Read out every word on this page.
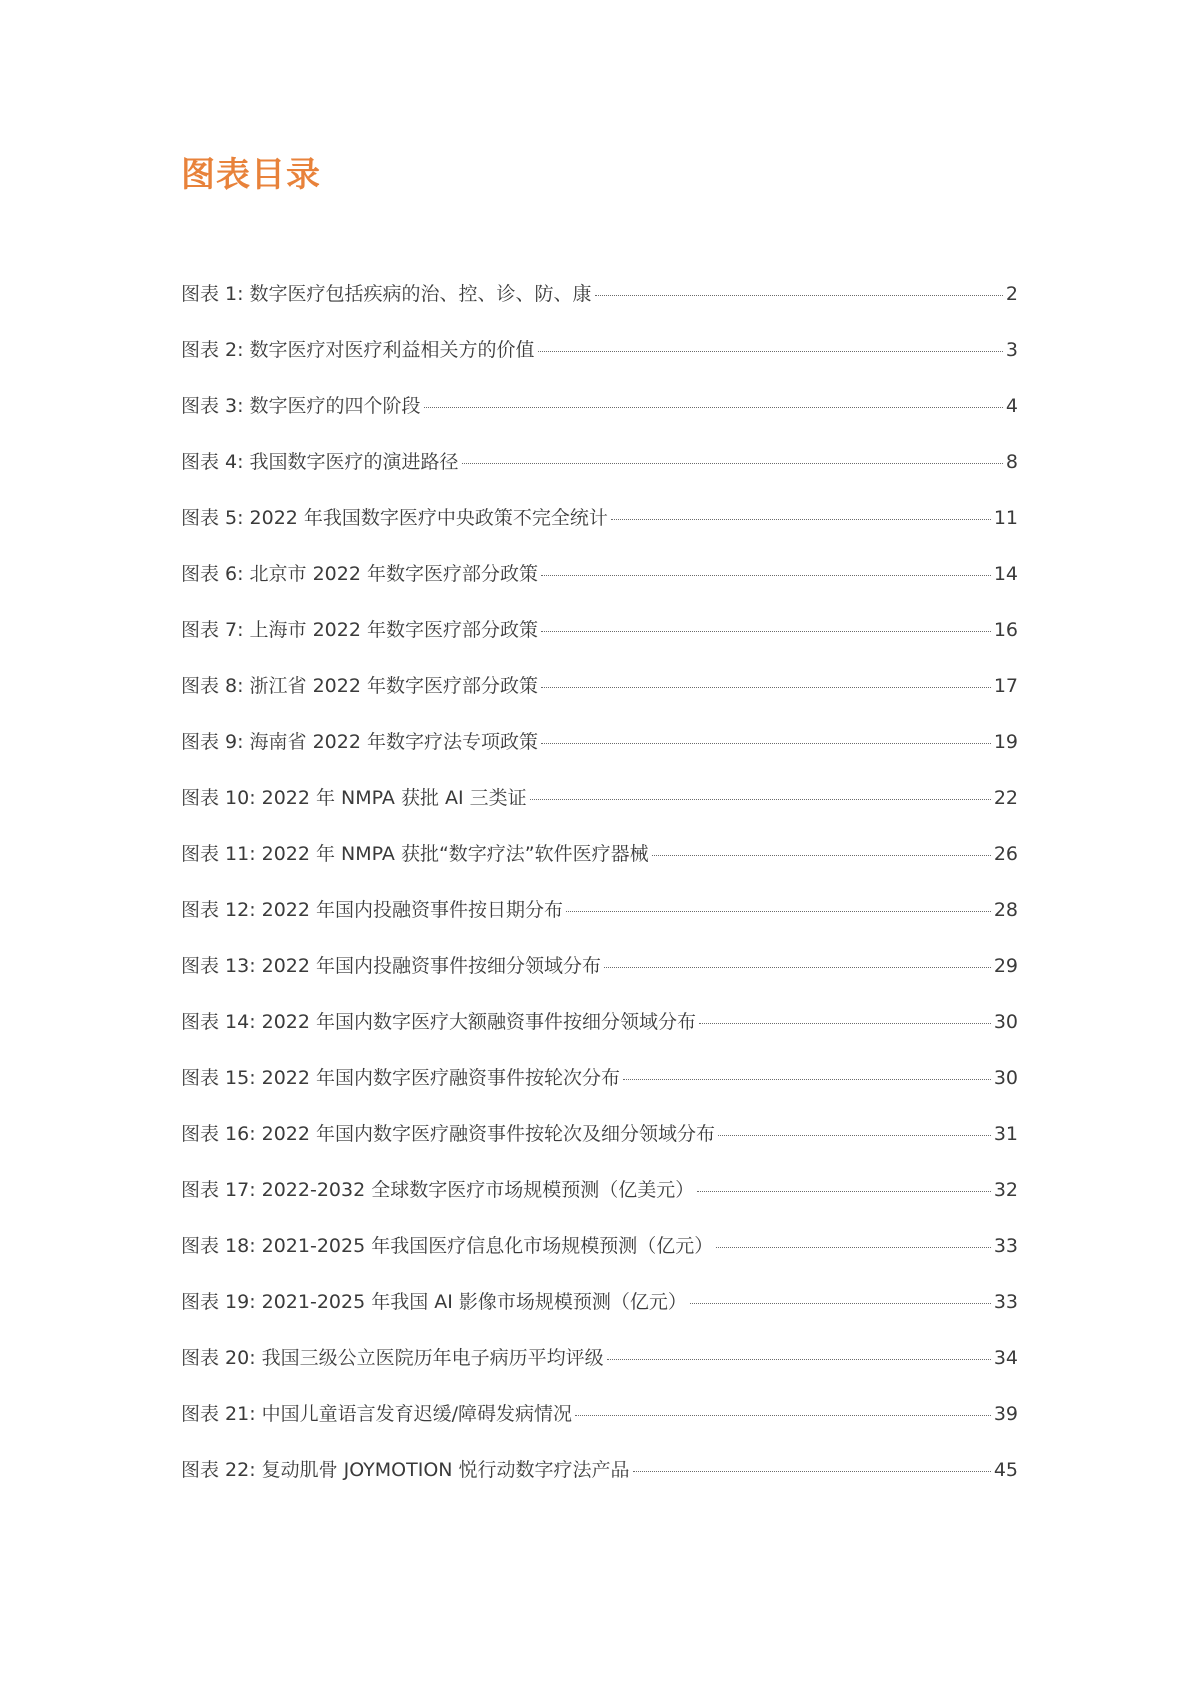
图表目录
图表 1: 数字医疗包括疾病的治、控、诊、防、康	2
图表 2: 数字医疗对医疗利益相关方的价值	3
图表 3: 数字医疗的四个阶段	4
图表 4: 我国数字医疗的演进路径	8
图表 5: 2022 年我国数字医疗中央政策不完全统计	11
图表 6: 北京市 2022 年数字医疗部分政策	14
图表 7: 上海市 2022 年数字医疗部分政策	16
图表 8: 浙江省 2022 年数字医疗部分政策	17
图表 9: 海南省 2022 年数字疗法专项政策	19
图表 10: 2022 年 NMPA 获批 AI 三类证	22
图表 11: 2022 年 NMPA 获批“数字疗法”软件医疗器械	26
图表 12: 2022 年国内投融资事件按日期分布	28
图表 13: 2022 年国内投融资事件按细分领域分布	29
图表 14: 2022 年国内数字医疗大额融资事件按细分领域分布	30
图表 15: 2022 年国内数字医疗融资事件按轮次分布	30
图表 16: 2022 年国内数字医疗融资事件按轮次及细分领域分布	31
图表 17: 2022-2032 全球数字医疗市场规模预测（亿美元）	32
图表 18: 2021-2025 年我国医疗信息化市场规模预测（亿元）	33
图表 19: 2021-2025 年我国 AI 影像市场规模预测（亿元）	33
图表 20: 我国三级公立医院历年电子病历平均评级	34
图表 21: 中国儿童语言发育迟缓/障碍发病情况	39
图表 22: 复动肌骨 JOYMOTION 悦行动数字疗法产品	45
